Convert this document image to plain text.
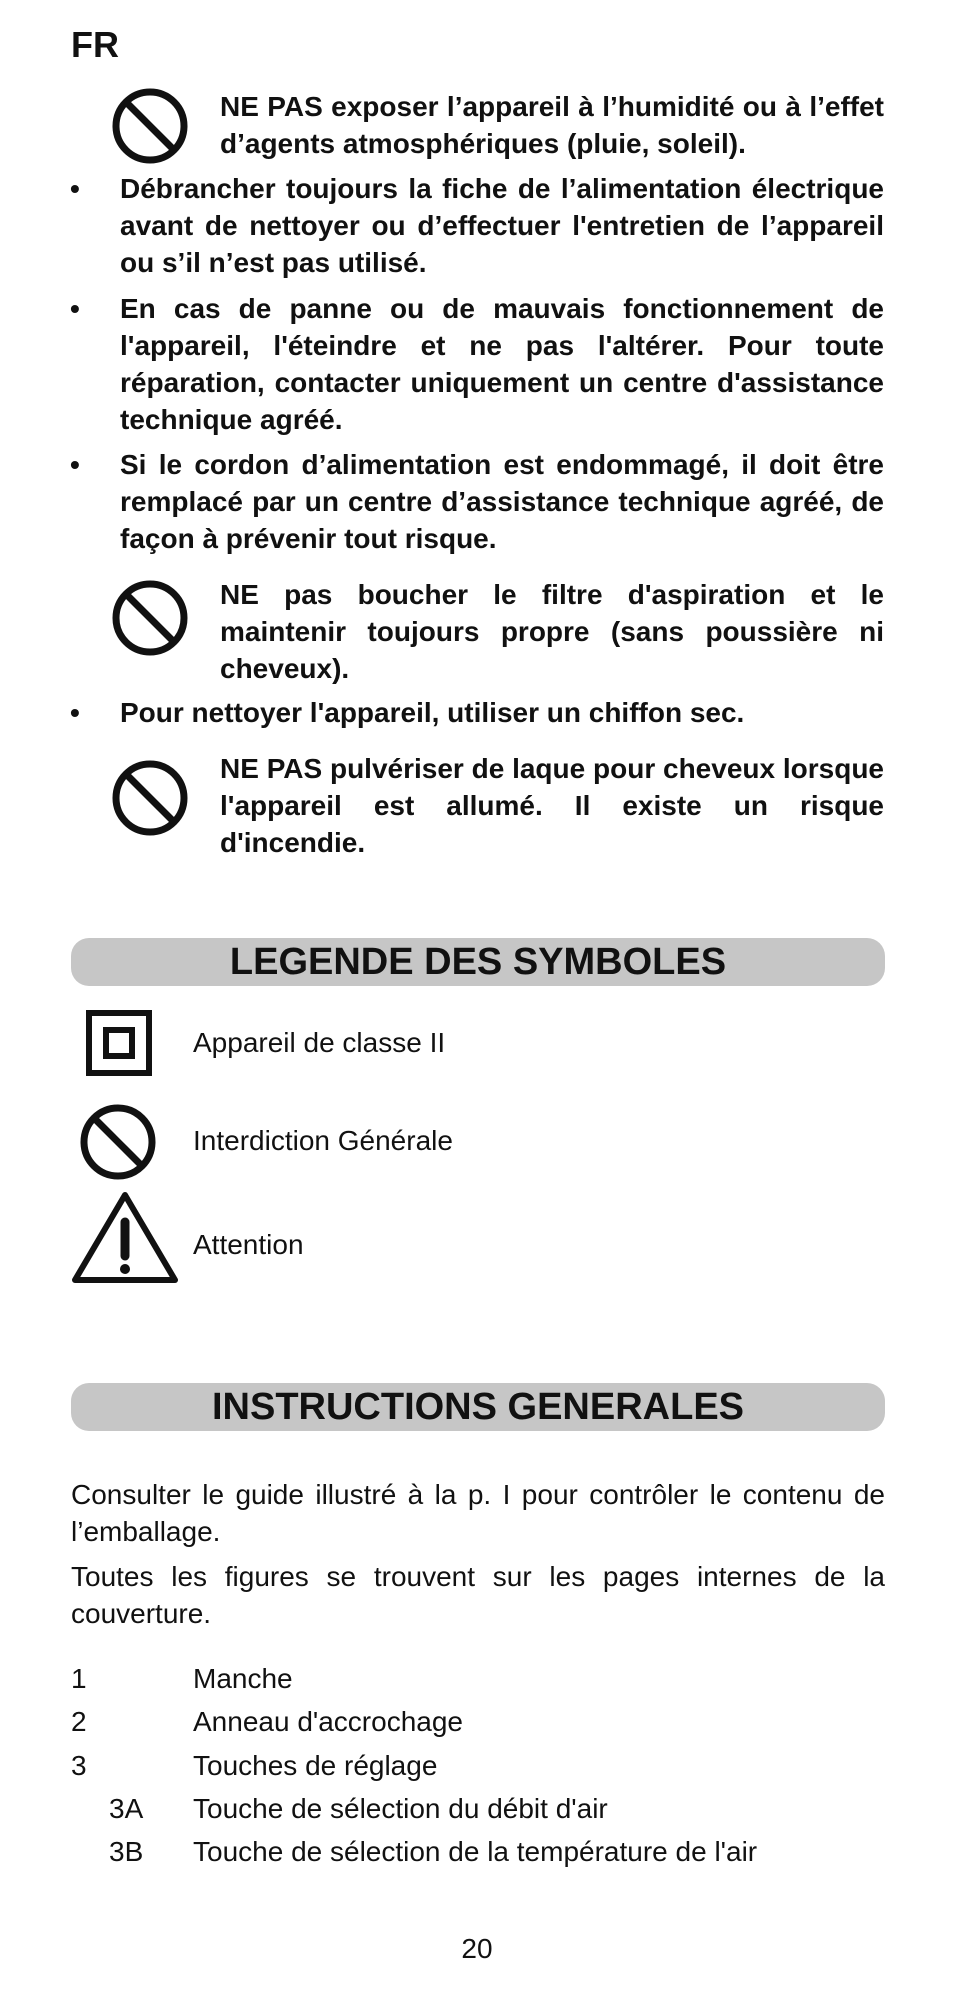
FR
NE PAS exposer l’appareil à l’humidité ou à l’effet d’agents atmosphériques (pluie, soleil).
• Débrancher toujours la fiche de l’alimentation électrique avant de nettoyer ou d’effectuer l'entretien de l’appareil ou s’il n’est pas utilisé.
• En cas de panne ou de mauvais fonctionnement de l'appareil, l'éteindre et ne pas l'altérer. Pour toute réparation, contacter uniquement un centre d'assistance technique agréé.
• Si le cordon d’alimentation est endommagé, il doit être remplacé par un centre d’assistance technique agréé, de façon à prévenir tout risque.
NE pas boucher le filtre d'aspiration et le maintenir toujours propre (sans poussière ni cheveux).
• Pour nettoyer l'appareil, utiliser un chiffon sec.
NE PAS pulvériser de laque pour cheveux lorsque l'appareil est allumé. Il existe un risque d'incendie.
LEGENDE DES SYMBOLES
Appareil de classe II
Interdiction Générale
Attention
INSTRUCTIONS GENERALES
Consulter le guide illustré à la p. I pour contrôler le contenu de l’emballage.
Toutes les figures se trouvent sur les pages internes de la couverture.
1	Manche
2	Anneau d'accrochage
3	Touches de réglage
3A Touche de sélection du débit d'air
3B Touche de sélection de la température de l'air
20
